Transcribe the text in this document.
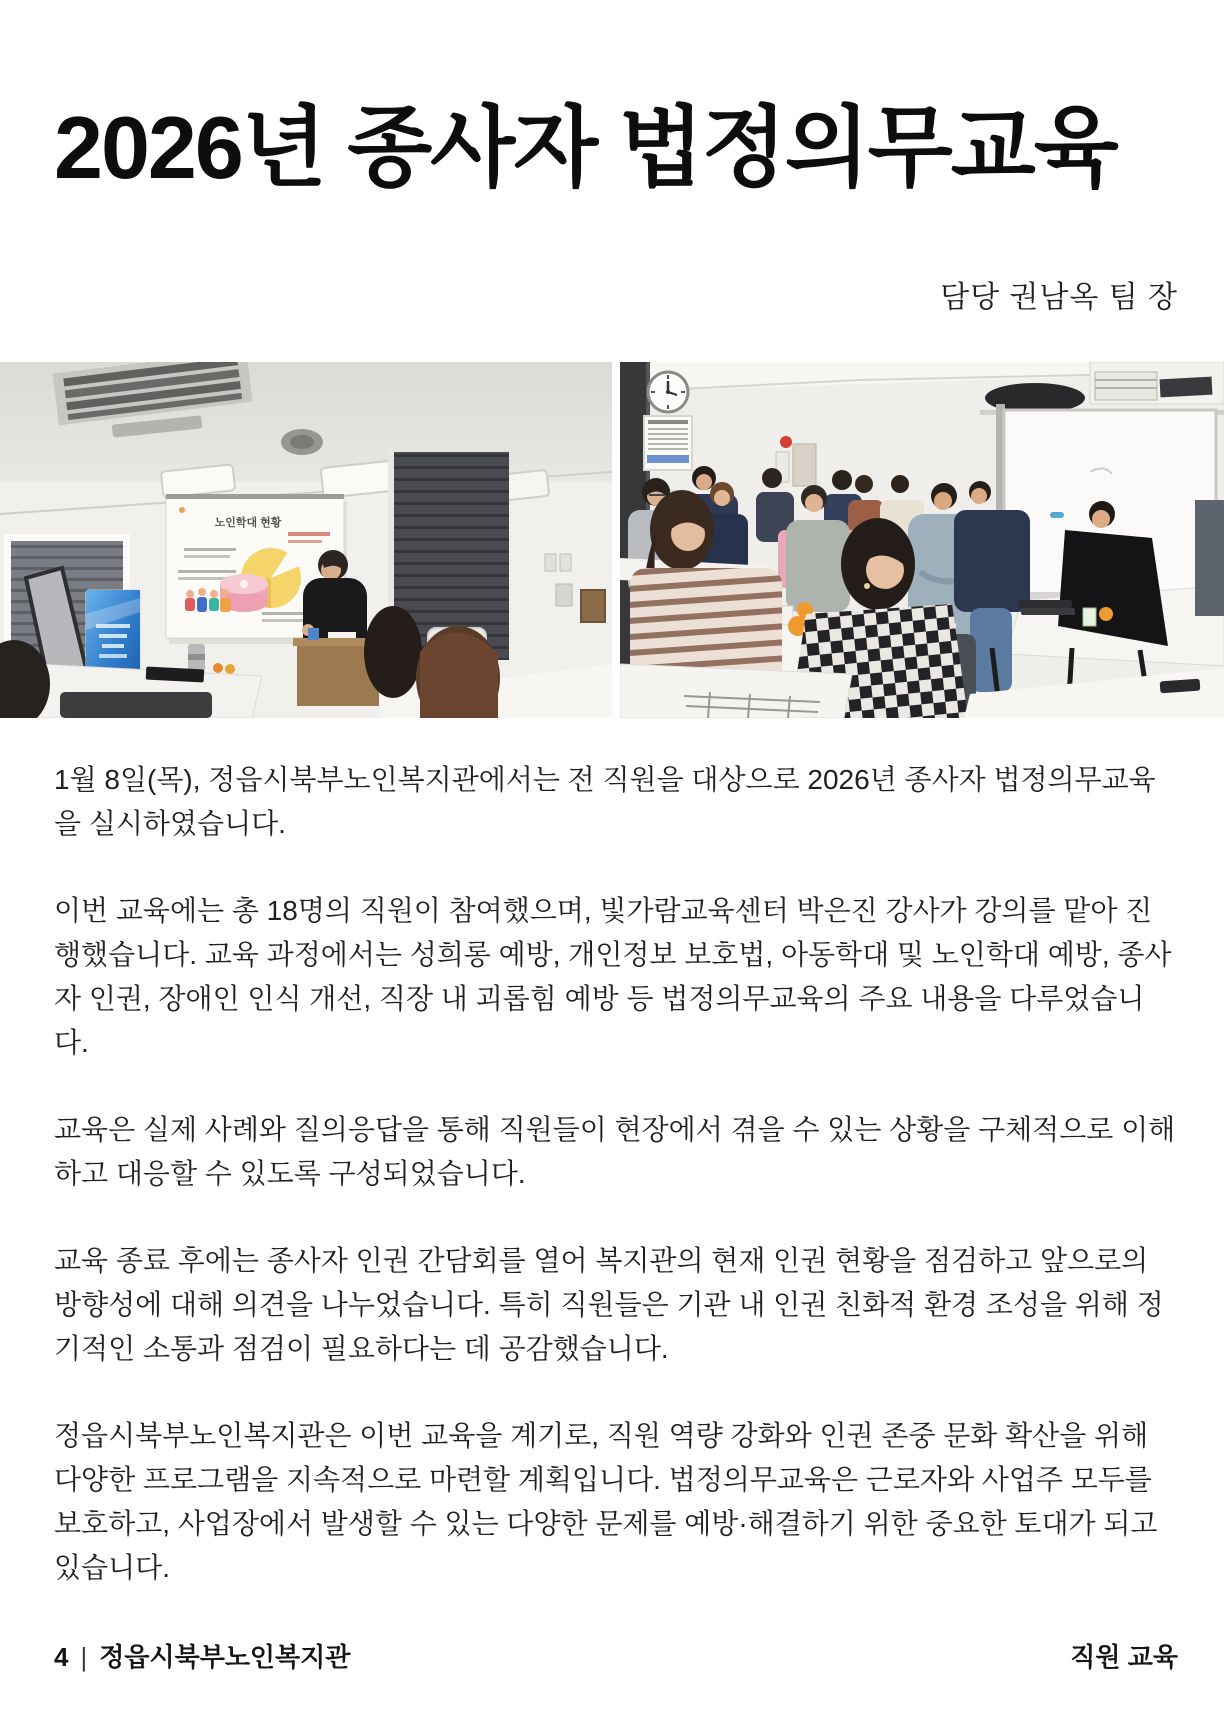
2026년 종사자 법정의무교육
담당 권남옥 팀 장
노인학대 현황

1월 8일(목), 정읍시북부노인복지관에서는 전 직원을 대상으로 2026년 종사자 법정의무교육을 실시하였습니다.

이번 교육에는 총 18명의 직원이 참여했으며, 빛가람교육센터 박은진 강사가 강의를 맡아 진행했습니다. 교육 과정에서는 성희롱 예방, 개인정보 보호법, 아동학대 및 노인학대 예방, 종사자 인권, 장애인 인식 개선, 직장 내 괴롭힘 예방 등 법정의무교육의 주요 내용을 다루었습니다.

교육은 실제 사례와 질의응답을 통해 직원들이 현장에서 겪을 수 있는 상황을 구체적으로 이해하고 대응할 수 있도록 구성되었습니다.

교육 종료 후에는 종사자 인권 간담회를 열어 복지관의 현재 인권 현황을 점검하고 앞으로의 방향성에 대해 의견을 나누었습니다. 특히 직원들은 기관 내 인권 친화적 환경 조성을 위해 정기적인 소통과 점검이 필요하다는 데 공감했습니다.

정읍시북부노인복지관은 이번 교육을 계기로, 직원 역량 강화와 인권 존중 문화 확산을 위해 다양한 프로그램을 지속적으로 마련할 계획입니다. 법정의무교육은 근로자와 사업주 모두를 보호하고, 사업장에서 발생할 수 있는 다양한 문제를 예방·해결하기 위한 중요한 토대가 되고 있습니다.

4 | 정읍시북부노인복지관	직원 교육
